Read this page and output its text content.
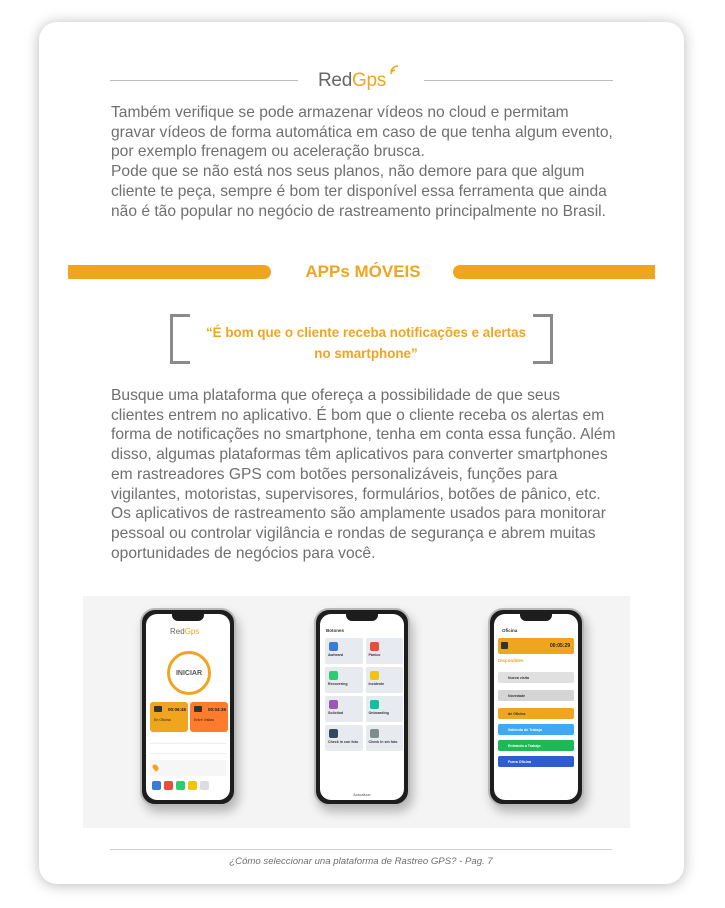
Red Gps

Também verifique se pode armazenar vídeos no cloud e permitam gravar vídeos de forma automática em caso de que tenha algum evento, por exemplo frenagem ou aceleração brusca.

Pode que se não está nos seus planos, não demore para que algum cliente te peça, sempre é bom ter disponível essa ferramenta que ainda não é tão popular no negócio de rastreamento principalmente no Brasil.

APPs MÓVEIS
“É bom que o cliente receba notificações e alertas no smartphone”

Busque uma plataforma que ofereça a possibilidade de que seus clientes entrem no aplicativo. É bom que o cliente receba os alertas em forma de notificações no smartphone, tenha em conta essa função. Além disso, algumas plataformas têm aplicativos para converter smartphones em rastreadores GPS com botões personalizáveis, funções para vigilantes, motoristas, supervisores, formulários, botões de pânico, etc.

Os aplicativos de rastreamento são amplamente usados para monitorar pessoal ou controlar vigilância e rondas de segurança e abrem muitas oportunidades de negócios para você.

RedGps
INICIAR
00:06:45
En Oficina
00:04:35
Entre Visitas
Botones
Awheard	Pánico
Recovering	Incidente
Solicitud	Onboarding
Check In con foto	Check In sin foto
Actualizar
Oficina
00:05:29
Disponibles
Nueva visita
Novedade
de Oficina
Saliendo de Trabajo
Entrando a Trabajo
Fuera Oficina
¿Cómo seleccionar una plataforma de Rastreo GPS? - Pag. 7
